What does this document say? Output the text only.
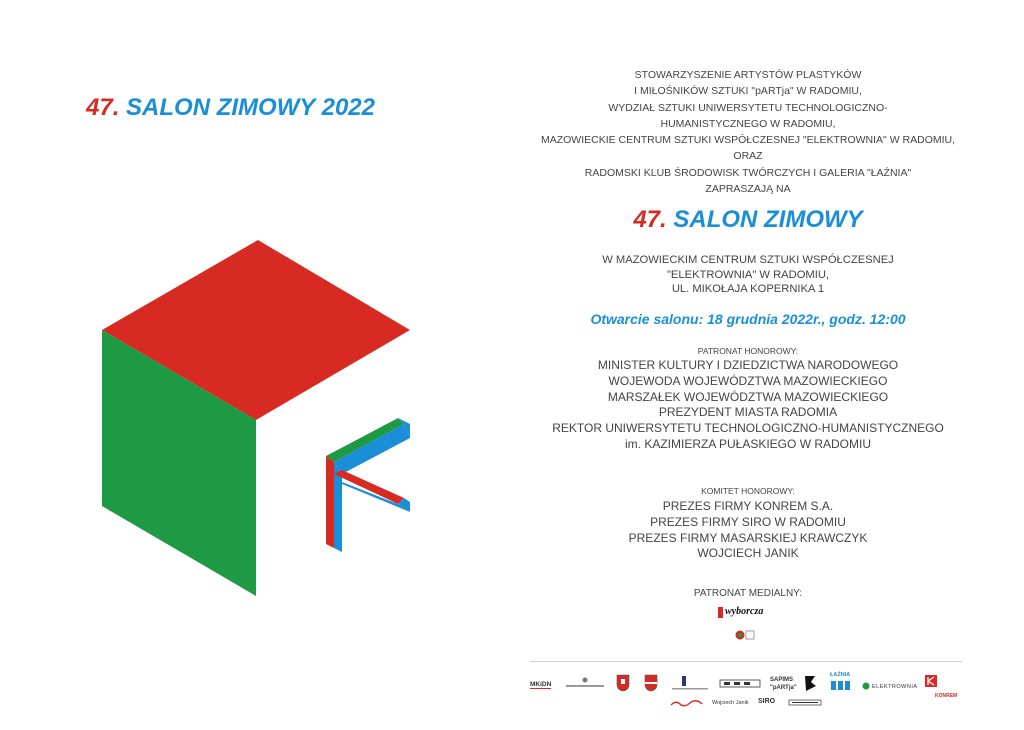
47. SALON ZIMOWY 2022
STOWARZYSZENIE ARTYSTÓW PLASTYKÓW
I MIŁOŚNIKÓW SZTUKI "pARTja" W RADOMIU,
WYDZIAŁ SZTUKI UNIWERSYTETU TECHNOLOGICZNO-
HUMANISTYCZNEGO W RADOMIU,
MAZOWIECKIE CENTRUM SZTUKI WSPÓŁCZESNEJ "ELEKTROWNIA" W RADOMIU,
ORAZ
RADOMSKI KLUB ŚRODOWISK TWÓRCZYCH I GALERIA "ŁAŹNIA"
ZAPRASZAJĄ NA
47. SALON ZIMOWY
W MAZOWIECKIM CENTRUM SZTUKI WSPÓŁCZESNEJ
"ELEKTROWNIA" W RADOMIU,
UL. MIKOŁAJA KOPERNIKA 1
Otwarcie salonu: 18 grudnia 2022r., godz. 12:00
PATRONAT HONOROWY:
MINISTER KULTURY I DZIEDZICTWA NARODOWEGO
WOJEWODA WOJEWÓDZTWA MAZOWIECKIEGO
MARSZAŁEK WOJEWÓDZTWA MAZOWIECKIEGO
PREZYDENT MIASTA RADOMIA
REKTOR UNIWERSYTETU TECHNOLOGICZNO-HUMANISTYCZNEGO
im. KAZIMIERZA PUŁASKIEGO W RADOMIU
KOMITET HONOROWY:
PREZES FIRMY KONREM S.A.
PREZES FIRMY SIRO W RADOMIU
PREZES FIRMY MASARSKIEJ KRAWCZYK
WOJCIECH JANIK
PATRONAT MEDIALNY:
wyborcza
MKiDN
SAPIMS
"pARTja"
ŁAŹNIA
ELEKTROWNIA
KONREM
Wojciech Janik SIRO
